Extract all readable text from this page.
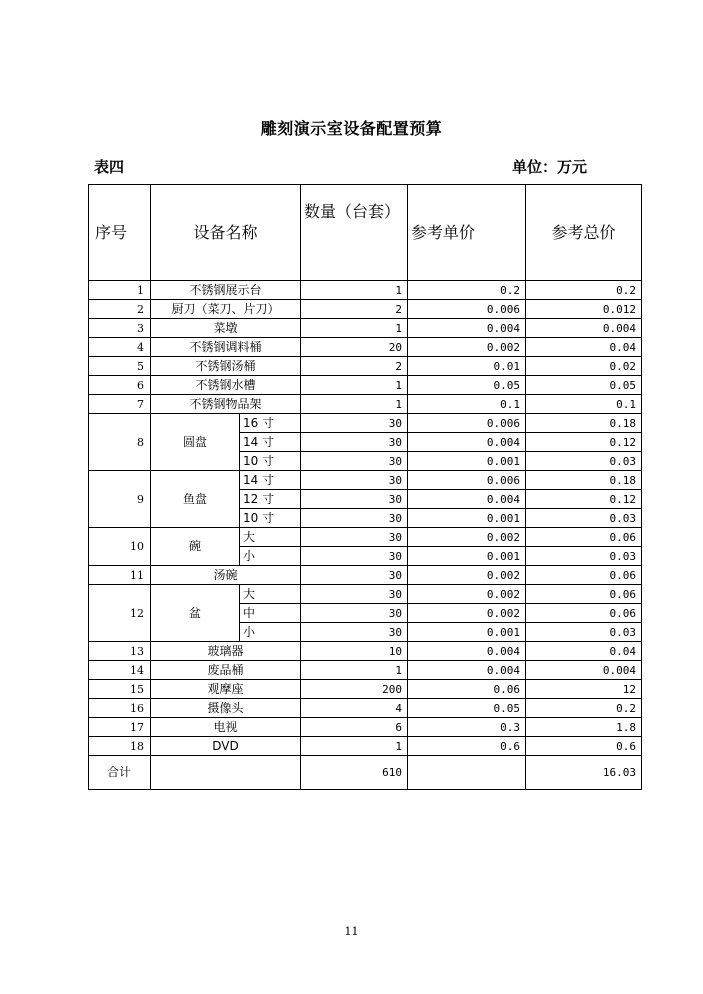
雕刻演示室设备配置预算
表四	单位：万元
序号	设备名称		数量（台套）	参考单价	参考总价
1	不锈钢展示台		1	0.2	0.2
2	厨刀（菜刀、片刀）		2	0.006	0.012
3	菜墩		1	0.004	0.004
4	不锈钢调料桶		20	0.002	0.04
5	不锈钢汤桶		2	0.01	0.02
6	不锈钢水槽		1	0.05	0.05
7	不锈钢物品架		1	0.1	0.1
8	圆盘	16 寸	30	0.006	0.18
		14 寸	30	0.004	0.12
		10 寸	30	0.001	0.03
9	鱼盘	14 寸	30	0.006	0.18
		12 寸	30	0.004	0.12
		10 寸	30	0.001	0.03
10	碗	大	30	0.002	0.06
		小	30	0.001	0.03
11	汤碗		30	0.002	0.06
12	盆	大	30	0.002	0.06
		中	30	0.002	0.06
		小	30	0.001	0.03
13	玻璃器		10	0.004	0.04
14	废品桶		1	0.004	0.004
15	观摩座		200	0.06	12
16	摄像头		4	0.05	0.2
17	电视		6	0.3	1.8
18	DVD		1	0.6	0.6
合计			610		16.03
11
